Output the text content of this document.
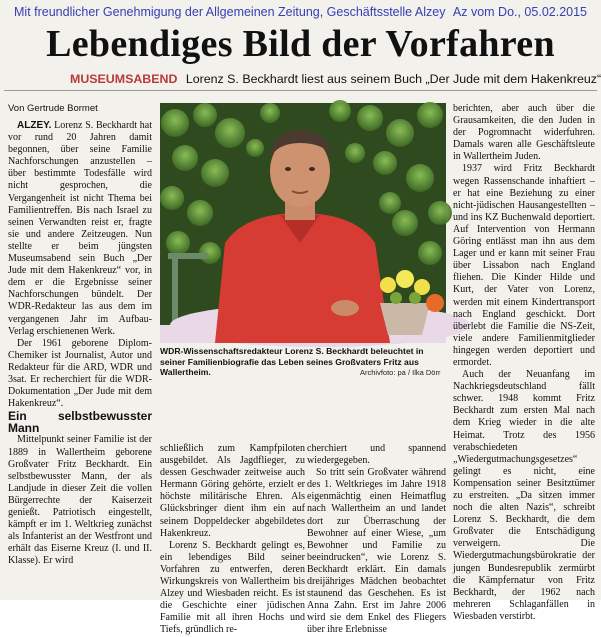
Mit freundlicher Genehmigung der Allgemeinen Zeitung, Geschäftsstelle Alzey Az vom Do., 05.02.2015
Lebendiges Bild der Vorfahren
MUSEUMSABEND Lorenz S. Beckhardt liest aus seinem Buch „Der Jude mit dem Hakenkreuz“
Von Gertrude Bormet

ALZEY. Lorenz S. Beckhardt hat vor rund 20 Jahren damit begonnen, über seine Familie Nachforschungen anzustellen – über bestimmte Todesfälle wird nicht gesprochen, die Vergangenheit ist nicht Thema bei Familientreffen. Bis nach Israel zu seinen Verwandten reist er, fragte sie und andere Zeitzeugen. Nun stellte er beim jüngsten Museumsabend sein Buch „Der Jude mit dem Hakenkreuz“ vor, in dem er die Ergebnisse seiner Nachforschungen bündelt. Der WDR-Redakteur las aus dem im vergangenen Jahr im Aufbau-Verlag erschienenen Werk.

Der 1961 geborene Diplom-Chemiker ist Journalist, Autor und Redakteur für die ARD, WDR und 3sat. Er recherchiert für die WDR-Dokumentation „Der Jude mit dem Hakenkreuz“.

Ein selbstbewusster Mann

Mittelpunkt seiner Familie ist der 1889 in Wallertheim geborene Großvater Fritz Beckhardt. Ein selbstbewusster Mann, der als Landjude in dieser Zeit die vollen Bürgerrechte der Kaiserzeit genießt. Patriotisch eingestellt, kämpft er im 1. Weltkrieg zunächst als Infanterist an der Westfront und erhält das Eiserne Kreuz (I. und II. Klasse). Er wird

WDR-Wissenschaftsredakteur Lorenz S. Beckhardt beleuchtet in seiner Familienbiografie das Leben seines Großvaters Fritz aus Wallertheim.	Archivfoto: pa / Ilka Dörr

schließlich zum Kampfpiloten ausgebildet. Als Jagdflieger, zu dessen Geschwader zeitweise auch Hermann Göring gehörte, erzielt er höchste militärische Ehren. Als Glücksbringer dient ihm ein auf seinem Doppeldecker abgebildetes Hakenkreuz.

Lorenz S. Beckhardt gelingt es, ein lebendiges Bild seiner Vorfahren zu entwerfen, deren Wirkungskreis von Wallertheim bis Alzey und Wiesbaden reicht. Es ist die Geschichte einer jüdischen Familie mit all ihren Hochs und Tiefs, gründlich re-

cherchiert und spannend wiedergegeben.

So tritt sein Großvater während des 1. Weltkrieges im Jahre 1918 eigenmächtig einen Heimatflug nach Wallertheim an und landet dort zur Überraschung der Bewohner auf einer Wiese, „um Bewohner und Familie zu beeindrucken“, wie Lorenz S. Beckhardt erklärt. Ein damals dreijähriges Mädchen beobachtet staunend das Geschehen. Es ist Anna Zahn. Erst im Jahre 2006 wird sie dem Enkel des Fliegers über ihre Erlebnisse

berichten, aber auch über die Grausamkeiten, die den Juden in der Pogromnacht widerfuhren. Damals waren alle Geschäftsleute in Wallertheim Juden.

1937 wird Fritz Beckhardt wegen Rassenschande inhaftiert – er hat eine Beziehung zu einer nicht-jüdischen Hausangestellten – und ins KZ Buchenwald deportiert. Auf Intervention von Hermann Göring entlässt man ihn aus dem Lager und er kann mit seiner Frau über Lissabon nach England fliehen. Die Kinder Hilde und Kurt, der Vater von Lorenz, werden mit einem Kindertransport nach England geschickt. Dort überlebt die Familie die NS-Zeit, viele andere Familienmitglieder hingegen werden deportiert und ermordet.

Auch der Neuanfang im Nachkriegsdeutschland fällt schwer. 1948 kommt Fritz Beckhardt zum ersten Mal nach dem Krieg wieder in die alte Heimat. Trotz des 1956 verabschiedeten „Wiedergutmachungsgesetzes“ gelingt es nicht, eine Kompensation seiner Besitztümer zu erstreiten. „Da sitzen immer noch die alten Nazis“, schreibt Lorenz S. Beckhardt, die dem Großvater die Entschädigung verweigern. Die Wiedergutmachungsbürokratie der jungen Bundesrepublik zermürbt die Kämpfernatur von Fritz Beckhardt, der 1962 nach mehreren Schlaganfällen in Wiesbaden verstirbt.
